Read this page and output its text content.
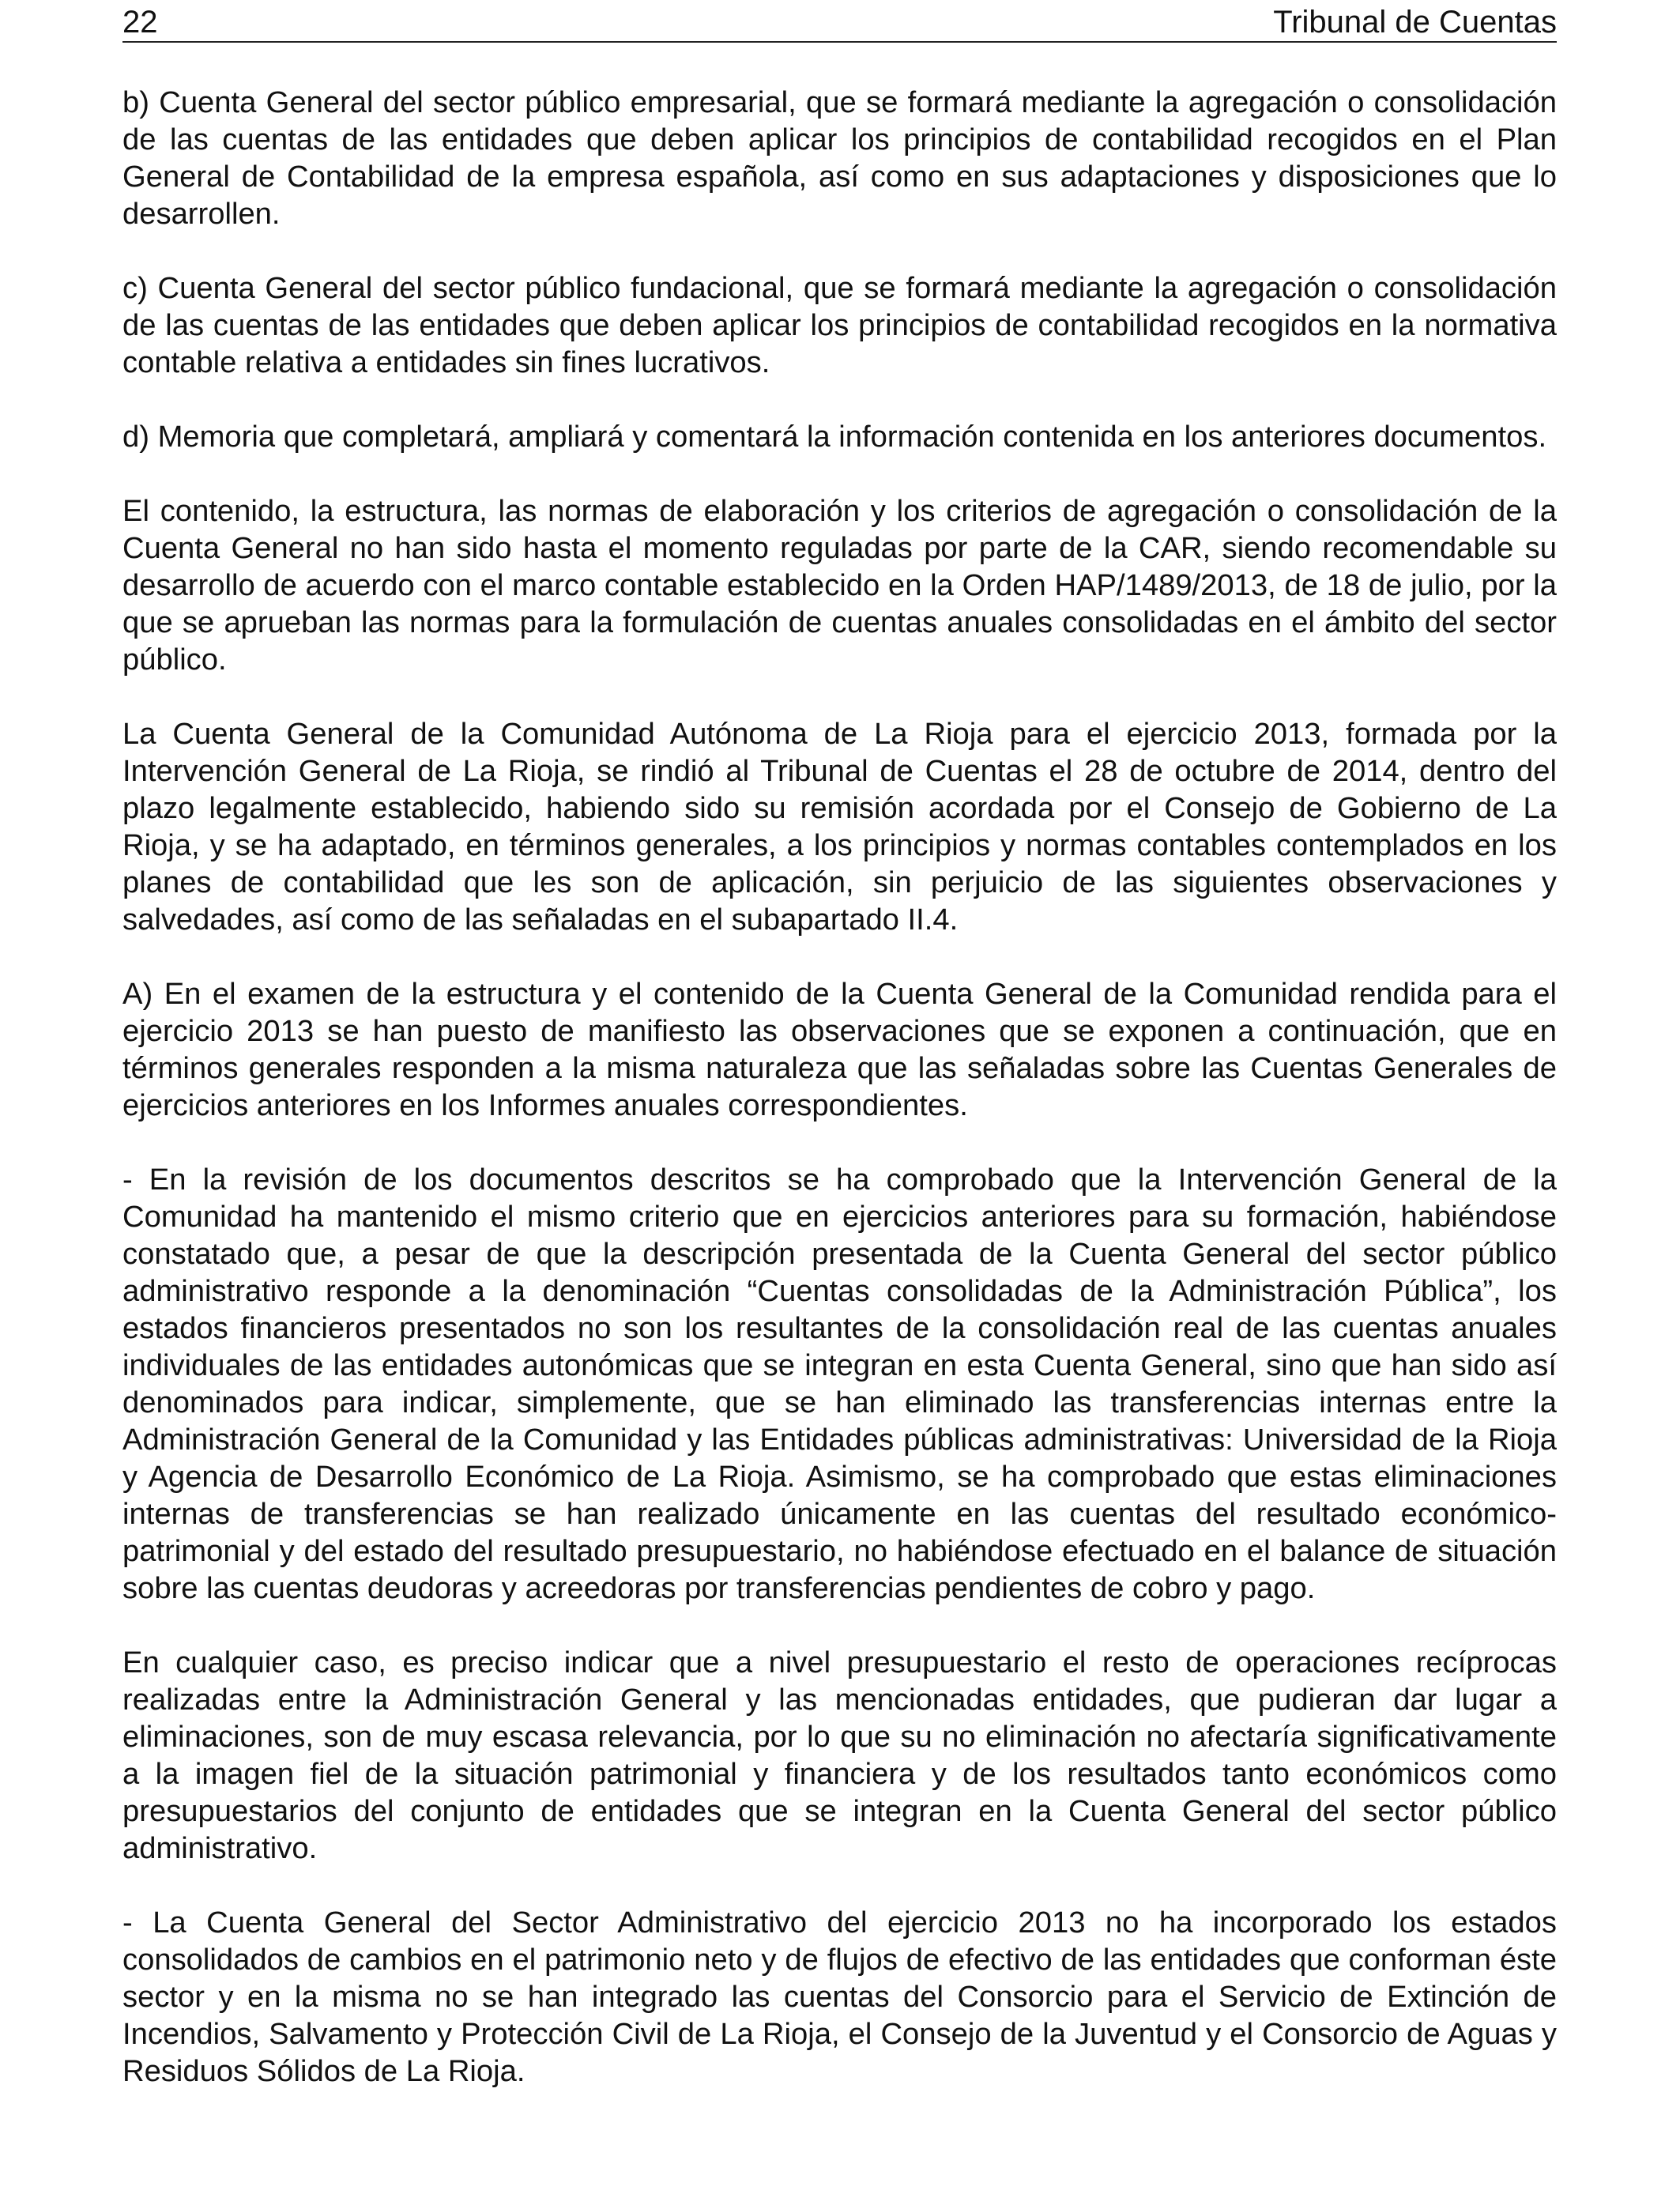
22	Tribunal de Cuentas

b) Cuenta General del sector público empresarial, que se formará mediante la agregación o consolidación de las cuentas de las entidades que deben aplicar los principios de contabilidad recogidos en el Plan General de Contabilidad de la empresa española, así como en sus adaptaciones y disposiciones que lo desarrollen.

c) Cuenta General del sector público fundacional, que se formará mediante la agregación o consolidación de las cuentas de las entidades que deben aplicar los principios de contabilidad recogidos en la normativa contable relativa a entidades sin fines lucrativos.

d) Memoria que completará, ampliará y comentará la información contenida en los anteriores documentos.

El contenido, la estructura, las normas de elaboración y los criterios de agregación o consolidación de la Cuenta General no han sido hasta el momento reguladas por parte de la CAR, siendo recomendable su desarrollo de acuerdo con el marco contable establecido en la Orden HAP/1489/2013, de 18 de julio, por la que se aprueban las normas para la formulación de cuentas anuales consolidadas en el ámbito del sector público.

La Cuenta General de la Comunidad Autónoma de La Rioja para el ejercicio 2013, formada por la Intervención General de La Rioja, se rindió al Tribunal de Cuentas el 28 de octubre de 2014, dentro del plazo legalmente establecido, habiendo sido su remisión acordada por el Consejo de Gobierno de La Rioja, y se ha adaptado, en términos generales, a los principios y normas contables contemplados en los planes de contabilidad que les son de aplicación, sin perjuicio de las siguientes observaciones y salvedades, así como de las señaladas en el subapartado II.4.

A) En el examen de la estructura y el contenido de la Cuenta General de la Comunidad rendida para el ejercicio 2013 se han puesto de manifiesto las observaciones que se exponen a continuación, que en términos generales responden a la misma naturaleza que las señaladas sobre las Cuentas Generales de ejercicios anteriores en los Informes anuales correspondientes.

- En la revisión de los documentos descritos se ha comprobado que la Intervención General de la Comunidad ha mantenido el mismo criterio que en ejercicios anteriores para su formación, habiéndose constatado que, a pesar de que la descripción presentada de la Cuenta General del sector público administrativo responde a la denominación “Cuentas consolidadas de la Administración Pública”, los estados financieros presentados no son los resultantes de la consolidación real de las cuentas anuales individuales de las entidades autonómicas que se integran en esta Cuenta General, sino que han sido así denominados para indicar, simplemente, que se han eliminado las transferencias internas entre la Administración General de la Comunidad y las Entidades públicas administrativas: Universidad de la Rioja y Agencia de Desarrollo Económico de La Rioja. Asimismo, se ha comprobado que estas eliminaciones internas de transferencias se han realizado únicamente en las cuentas del resultado económico-patrimonial y del estado del resultado presupuestario, no habiéndose efectuado en el balance de situación sobre las cuentas deudoras y acreedoras por transferencias pendientes de cobro y pago.

En cualquier caso, es preciso indicar que a nivel presupuestario el resto de operaciones recíprocas realizadas entre la Administración General y las mencionadas entidades, que pudieran dar lugar a eliminaciones, son de muy escasa relevancia, por lo que su no eliminación no afectaría significativamente a la imagen fiel de la situación patrimonial y financiera y de los resultados tanto económicos como presupuestarios del conjunto de entidades que se integran en la Cuenta General del sector público administrativo.

- La Cuenta General del Sector Administrativo del ejercicio 2013 no ha incorporado los estados consolidados de cambios en el patrimonio neto y de flujos de efectivo de las entidades que conforman éste sector y en la misma no se han integrado las cuentas del Consorcio para el Servicio de Extinción de Incendios, Salvamento y Protección Civil de La Rioja, el Consejo de la Juventud y el Consorcio de Aguas y Residuos Sólidos de La Rioja.
